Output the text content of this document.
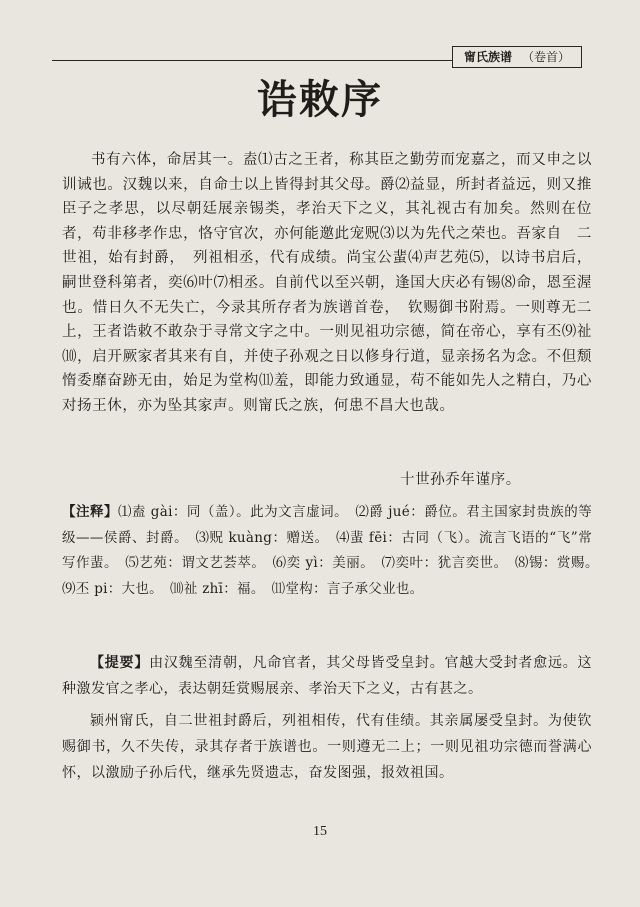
甯氏族谱 （卷首）
诰敕序
书有六体，命居其一。盍⑴古之王者，称其臣之勤劳而宠嘉之，而又申之以训诫也。汉魏以来，自命士以上皆得封其父母。爵⑵益显，所封者益远，则又推臣子之孝思，以尽朝廷展亲锡类，孝治天下之义，其礼视古有加矣。然则在位者，苟非移孝作忠，恪守官次，亦何能邀此宠贶⑶以为先代之荣也。吾家自　二世祖，始有封爵，　列祖相丞，代有成绩。尚宝公蜚⑷声艺苑⑸，以诗书启后，嗣世登科第者，奕⑹叶⑺相丞。自前代以至兴朝，逢国大庆必有锡⑻命，恩至渥也。惜日久不无失亡，今录其所存者为族谱首卷，　钦赐御书附焉。一则尊无二上，王者诰敕不敢杂于寻常文字之中。一则见祖功宗德，简在帝心，享有丕⑼祉⑽，启开厥家者其来有自，并使子孙观之日以修身行道，显亲扬名为念。不但颓惰委靡奋跡无由，始足为堂构⑾羞，即能力致通显，苟不能如先人之精白，乃心对扬王休，亦为坠其家声。则甯氏之族，何患不昌大也哉。
十世孙乔年谨序。
【注释】⑴盍 gài：同（盖）。此为文言虚词。　⑵爵 jué：爵位。君主国家封贵族的等级——侯爵、封爵。　⑶贶 kuàng：赠送。　⑷蜚 fēi：古同（飞）。流言飞语的“飞”常写作蜚。　⑸艺苑：谓文艺荟萃。　⑹奕 yì：美丽。　⑺奕叶：犹言奕世。　⑻锡：赏赐。　⑼丕 pi：大也。　⑽祉 zhī：福。　⑾堂构：言子承父业也。
【提要】由汉魏至清朝，凡命官者，其父母皆受皇封。官越大受封者愈远。这种激发官之孝心，表达朝廷赏赐展亲、孝治天下之义，古有甚之。
颍州甯氏，自二世祖封爵后，列祖相传，代有佳绩。其亲属屡受皇封。为使钦赐御书，久不失传，录其存者于族谱也。一则遵无二上；一则见祖功宗德而誉满心怀，以激励子孙后代，继承先贤遗志，奋发图强，报效祖国。
15
